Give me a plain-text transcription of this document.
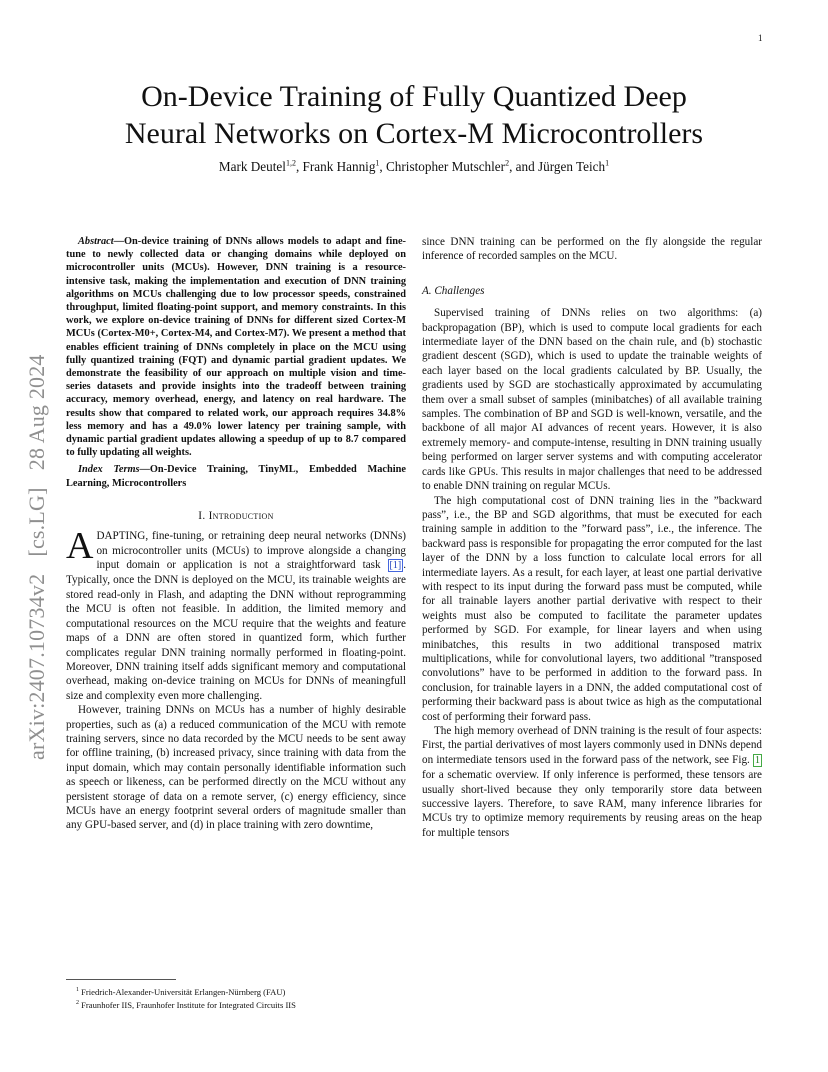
1
arXiv:2407.10734v2   [cs.LG]   28 Aug 2024
On-Device Training of Fully Quantized Deep
Neural Networks on Cortex-M Microcontrollers
Mark Deutel$^{1,2}$, Frank Hannig$^1$, Christopher Mutschler$^2$, and Jürgen Teich$^1$

Abstract—On-device training of DNNs allows models to adapt and fine-tune to newly collected data or changing domains while deployed on microcontroller units (MCUs). However, DNN training is a resource-intensive task, making the implementation and execution of DNN training algorithms on MCUs challenging due to low processor speeds, constrained throughput, limited floating-point support, and memory constraints. In this work, we explore on-device training of DNNs for different sized Cortex-M MCUs (Cortex-M0+, Cortex-M4, and Cortex-M7). We present a method that enables efficient training of DNNs completely in place on the MCU using fully quantized training (FQT) and dynamic partial gradient updates. We demonstrate the feasibility of our approach on multiple vision and time-series datasets and provide insights into the tradeoff between training accuracy, memory overhead, energy, and latency on real hardware. The results show that compared to related work, our approach requires 34.8% less memory and has a 49.0% lower latency per training sample, with dynamic partial gradient updates allowing a speedup of up to 8.7 compared to fully updating all weights.

Index Terms—On-Device Training, TinyML, Embedded Machine Learning, Microcontrollers

I. Introduction

ADAPTING, fine-tuning, or retraining deep neural networks (DNNs) on microcontroller units (MCUs) to improve alongside a changing input domain or application is not a straightforward task [1] . Typically, once the DNN is deployed on the MCU, its trainable weights are stored read-only in Flash, and adapting the DNN without reprogramming the MCU is often not feasible. In addition, the limited memory and computational resources on the MCU require that the weights and feature maps of a DNN are often stored in quantized form, which further complicates regular DNN training normally performed in floating-point. Moreover, DNN training itself adds significant memory and computational overhead, making on-device training on MCUs for DNNs of meaningfull size and complexity even more challenging.

However, training DNNs on MCUs has a number of highly desirable properties, such as (a) a reduced communication of the MCU with remote training servers, since no data recorded by the MCU needs to be sent away for offline training, (b) increased privacy, since training with data from the input domain, which may contain personally identifiable information such as speech or likeness, can be performed directly on the MCU without any persistent storage of data on a remote server, (c) energy efficiency, since MCUs have an energy footprint several orders of magnitude smaller than any GPU-based server, and (d) in place training with zero downtime,

since DNN training can be performed on the fly alongside the regular inference of recorded samples on the MCU.

A. Challenges

Supervised training of DNNs relies on two algorithms: (a) backpropagation (BP), which is used to compute local gradients for each intermediate layer of the DNN based on the chain rule, and (b) stochastic gradient descent (SGD), which is used to update the trainable weights of each layer based on the local gradients calculated by BP. Usually, the gradients used by SGD are stochastically approximated by accumulating them over a small subset of samples (minibatches) of all available training samples. The combination of BP and SGD is well-known, versatile, and the backbone of all major AI advances of recent years. However, it is also extremely memory- and compute-intense, resulting in DNN training usually being performed on larger server systems and with computing accelerator cards like GPUs. This results in major challenges that need to be addressed to enable DNN training on regular MCUs.

The high computational cost of DNN training lies in the ”backward pass”, i.e., the BP and SGD algorithms, that must be executed for each training sample in addition to the ”forward pass”, i.e., the inference. The backward pass is responsible for propagating the error computed for the last layer of the DNN by a loss function to calculate local errors for all intermediate layers. As a result, for each layer, at least one partial derivative with respect to its input during the forward pass must be computed, while for all trainable layers another partial derivative with respect to their weights must also be computed to facilitate the parameter updates performed by SGD. For example, for linear layers and when using minibatches, this results in two additional transposed matrix multiplications, while for convolutional layers, two additional ”transposed convolutions” have to be performed in addition to the forward pass. In conclusion, for trainable layers in a DNN, the added computational cost of performing their backward pass is about twice as high as the computational cost of performing their forward pass.

The high memory overhead of DNN training is the result of four aspects: First, the partial derivatives of most layers commonly used in DNNs depend on intermediate tensors used in the forward pass of the network, see Fig. 1 for a schematic overview. If only inference is performed, these tensors are usually short-lived because they only temporarily store data between successive layers. Therefore, to save RAM, many inference libraries for MCUs try to optimize memory requirements by reusing areas on the heap for multiple tensors

$^1$ Friedrich-Alexander-Universität Erlangen-Nürnberg (FAU)
$^2$ Fraunhofer IIS, Fraunhofer Institute for Integrated Circuits IIS
